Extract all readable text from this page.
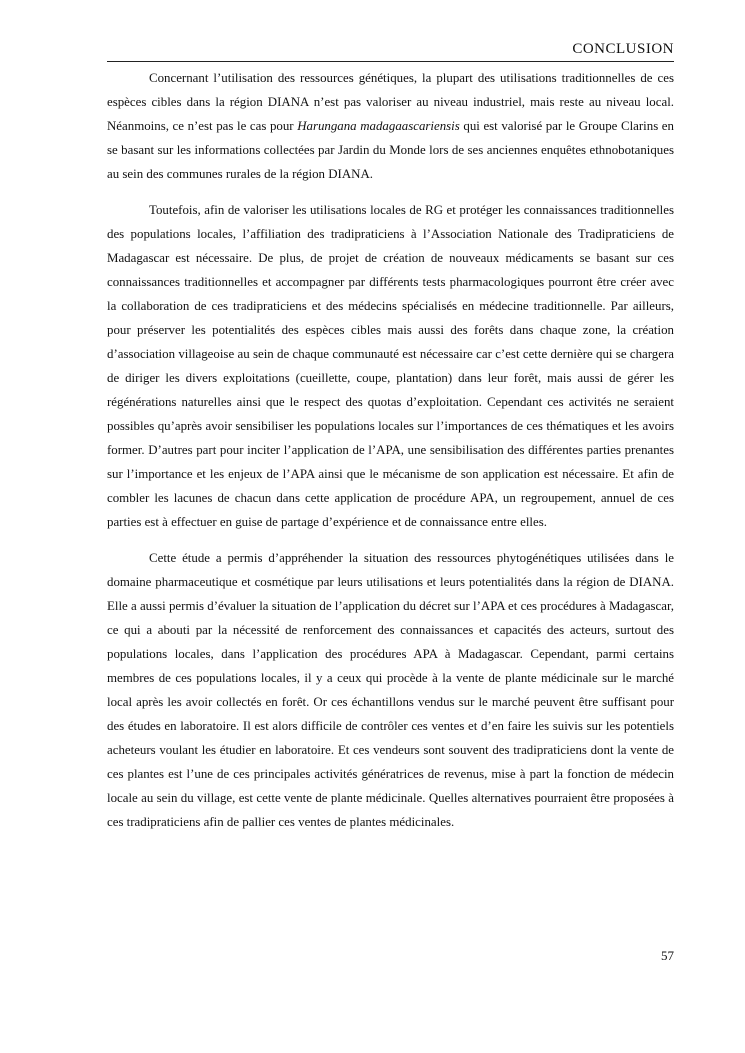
CONCLUSION

Concernant l’utilisation des ressources génétiques, la plupart des utilisations traditionnelles de ces espèces cibles dans la région DIANA n’est pas valoriser au niveau industriel, mais reste au niveau local. Néanmoins, ce n’est pas le cas pour Harungana madagaascariensis qui est valorisé par le Groupe Clarins en se basant sur les informations collectées par Jardin du Monde lors de ses anciennes enquêtes ethnobotaniques au sein des communes rurales de la région DIANA.

Toutefois, afin de valoriser les utilisations locales de RG et protéger les connaissances traditionnelles des populations locales, l’affiliation des tradipraticiens à l’Association Nationale des Tradipraticiens de Madagascar est nécessaire. De plus, de projet de création de nouveaux médicaments se basant sur ces connaissances traditionnelles et accompagner par différents tests pharmacologiques pourront être créer avec la collaboration de ces tradipraticiens et des médecins spécialisés en médecine traditionnelle. Par ailleurs, pour préserver les potentialités des espèces cibles mais aussi des forêts dans chaque zone, la création d’association villageoise au sein de chaque communauté est nécessaire car c’est cette dernière qui se chargera de diriger les divers exploitations (cueillette, coupe, plantation) dans leur forêt, mais aussi de gérer les régénérations naturelles ainsi que le respect des quotas d’exploitation. Cependant ces activités ne seraient possibles qu’après avoir sensibiliser les populations locales sur l’importances de ces thématiques et les avoirs former. D’autres part pour inciter l’application de l’APA, une sensibilisation des différentes parties prenantes sur l’importance et les enjeux de l’APA ainsi que le mécanisme de son application est nécessaire. Et afin de combler les lacunes de chacun dans cette application de procédure APA, un regroupement, annuel de ces parties est à effectuer en guise de partage d’expérience et de connaissance entre elles.

Cette étude a permis d’appréhender la situation des ressources phytogénétiques utilisées dans le domaine pharmaceutique et cosmétique par leurs utilisations et leurs potentialités dans la région de DIANA. Elle a aussi permis d’évaluer la situation de l’application du décret sur l’APA et ces procédures à Madagascar, ce qui a abouti par la nécessité de renforcement des connaissances et capacités des acteurs, surtout des populations locales, dans l’application des procédures APA à Madagascar. Cependant, parmi certains membres de ces populations locales, il y a ceux qui procède à la vente de plante médicinale sur le marché local après les avoir collectés en forêt. Or ces échantillons vendus sur le marché peuvent être suffisant pour des études en laboratoire. Il est alors difficile de contrôler ces ventes et d’en faire les suivis sur les potentiels acheteurs voulant les étudier en laboratoire. Et ces vendeurs sont souvent des tradipraticiens dont la vente de ces plantes est l’une de ces principales activités génératrices de revenus, mise à part la fonction de médecin locale au sein du village, est cette vente de plante médicinale. Quelles alternatives pourraient être proposées à ces tradipraticiens afin de pallier ces ventes de plantes médicinales.

57
